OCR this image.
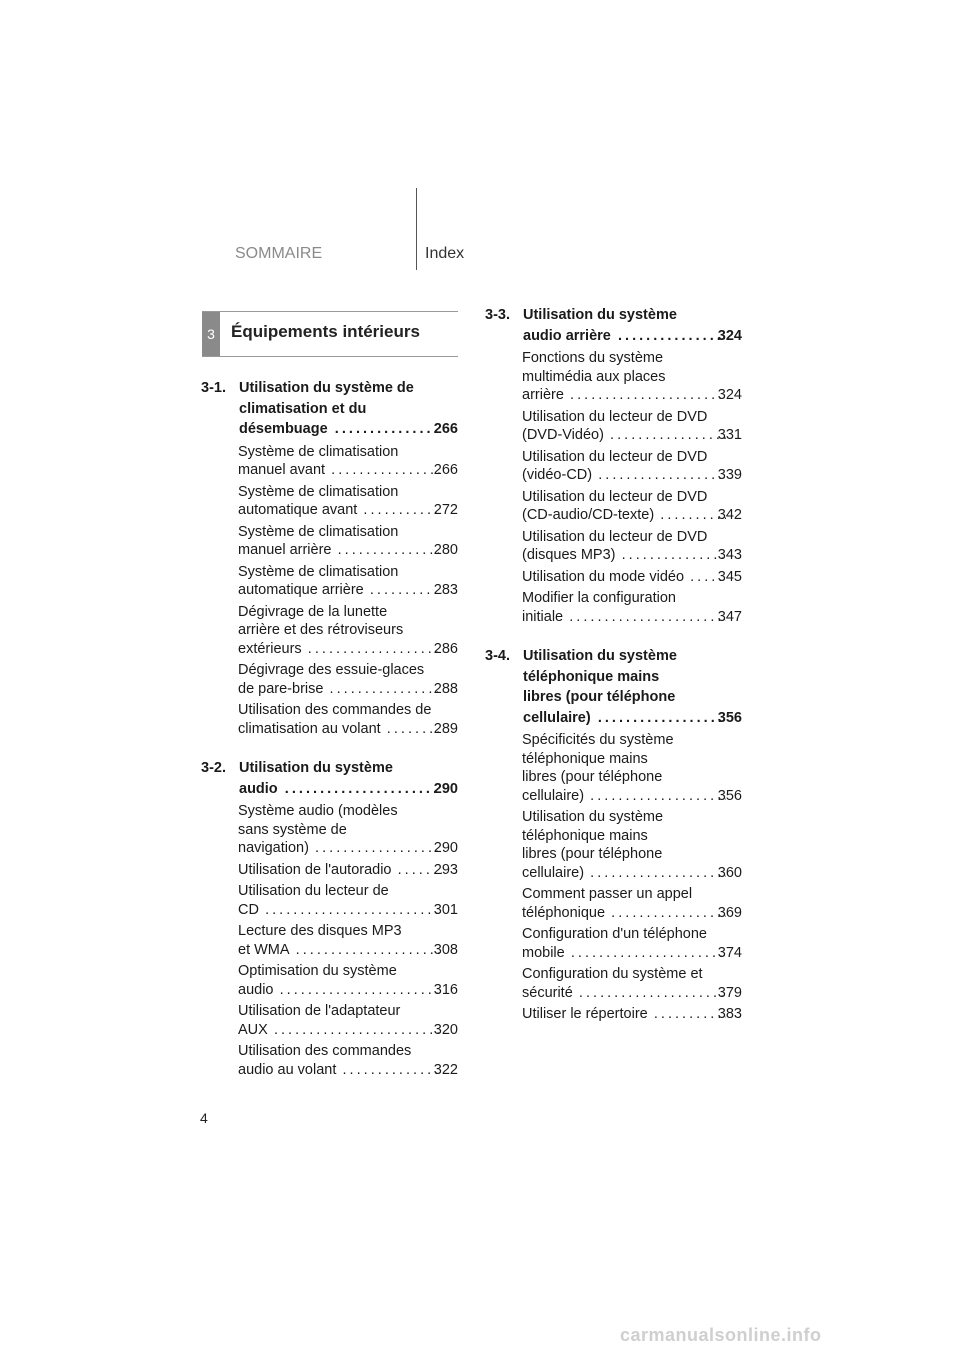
SOMMAIRE	Index
3 Équipements intérieurs
3-1. Utilisation du système de
climatisation et du
désembuage . . .	266
Système de climatisation
manuel avant . . .	266
Système de climatisation
automatique avant . . .	272
Système de climatisation
manuel arrière . . .	280
Système de climatisation
automatique arrière . . .	283
Dégivrage de la lunette
arrière et des rétroviseurs
extérieurs . . .	286
Dégivrage des essuie-glaces
de pare-brise . . .	288
Utilisation des commandes de
climatisation au volant . . .	289
3-2. Utilisation du système
audio . . .	290
Système audio (modèles
sans système de
navigation) . . .	290
Utilisation de l'autoradio . . .	293
Utilisation du lecteur de
CD . . .	301
Lecture des disques MP3
et WMA . . .	308
Optimisation du système
audio . . .	316
Utilisation de l'adaptateur
AUX . . .	320
Utilisation des commandes
audio au volant . . .	322
3-3. Utilisation du système
audio arrière . . .	324
Fonctions du système
multimédia aux places
arrière . . .	324
Utilisation du lecteur de DVD
(DVD-Vidéo) . . .	331
Utilisation du lecteur de DVD
(vidéo-CD) . . .	339
Utilisation du lecteur de DVD
(CD-audio/CD-texte) . . .	342
Utilisation du lecteur de DVD
(disques MP3) . . .	343
Utilisation du mode vidéo . . . 345
Modifier la configuration
initiale . . .	347
3-4. Utilisation du système
téléphonique mains
libres (pour téléphone
cellulaire) . . .	356
Spécificités du système
téléphonique mains
libres (pour téléphone
cellulaire) . . .	356
Utilisation du système
téléphonique mains
libres (pour téléphone
cellulaire) . . .	360
Comment passer un appel
téléphonique . . .	369
Configuration d'un téléphone
mobile . . .	374
Configuration du système et
sécurité . . .	379
Utiliser le répertoire . . .	383
4
carmanualsonline.info
